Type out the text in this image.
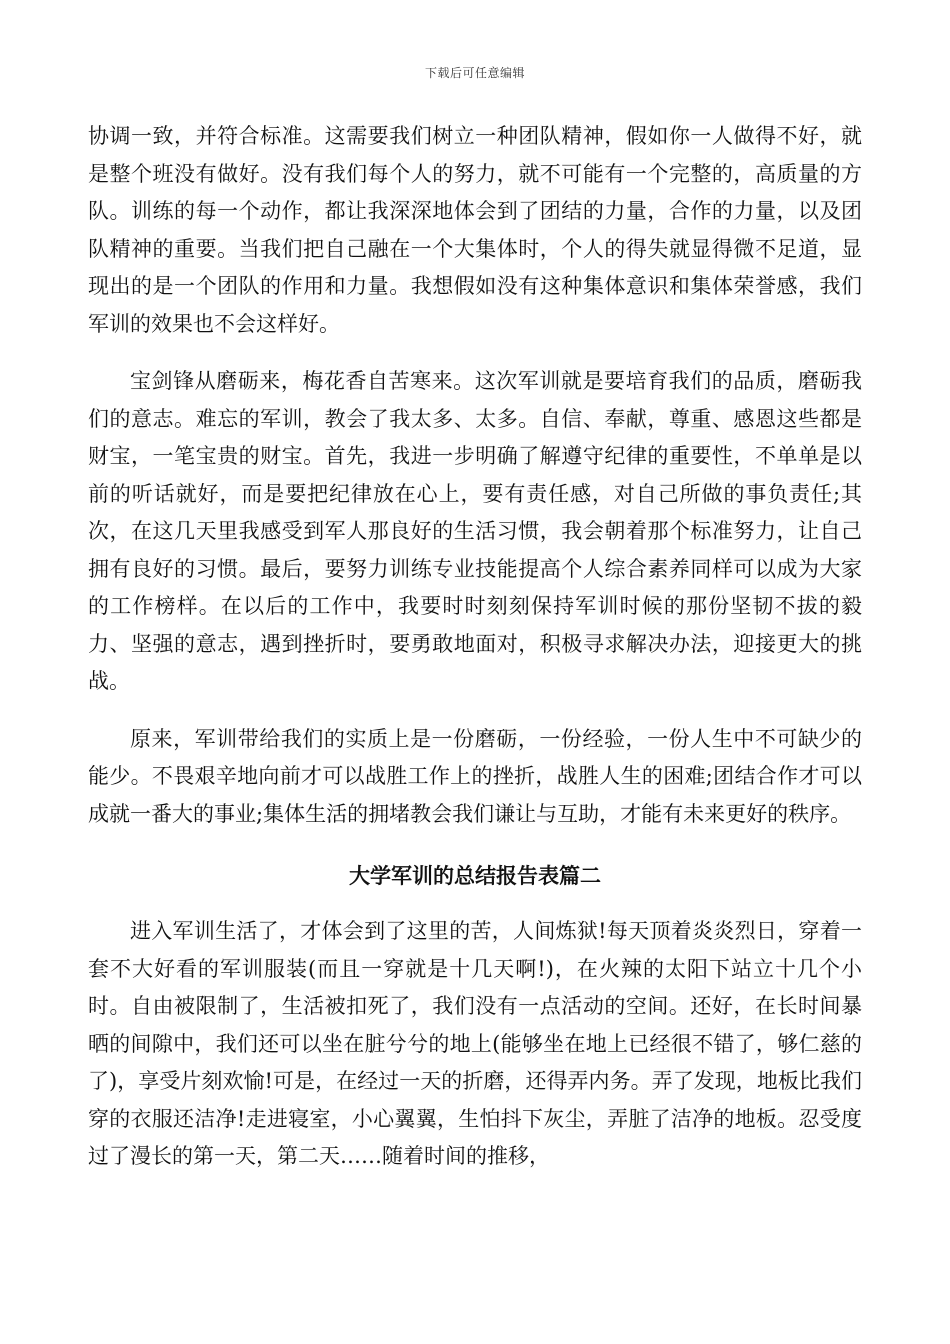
下载后可任意编辑

协调一致，并符合标准。这需要我们树立一种团队精神，假如你一人做得不好，就是整个班没有做好。没有我们每个人的努力，就不可能有一个完整的，高质量的方队。训练的每一个动作，都让我深深地体会到了团结的力量，合作的力量，以及团队精神的重要。当我们把自己融在一个大集体时，个人的得失就显得微不足道，显现出的是一个团队的作用和力量。我想假如没有这种集体意识和集体荣誉感，我们军训的效果也不会这样好。

宝剑锋从磨砺来，梅花香自苦寒来。这次军训就是要培育我们的品质，磨砺我们的意志。难忘的军训，教会了我太多、太多。自信、奉献，尊重、感恩这些都是财宝，一笔宝贵的财宝。首先，我进一步明确了解遵守纪律的重要性，不单单是以前的听话就好，而是要把纪律放在心上，要有责任感，对自己所做的事负责任;其次，在这几天里我感受到军人那良好的生活习惯，我会朝着那个标准努力，让自己拥有良好的习惯。最后，要努力训练专业技能提高个人综合素养同样可以成为大家的工作榜样。在以后的工作中，我要时时刻刻保持军训时候的那份坚韧不拔的毅力、坚强的意志，遇到挫折时，要勇敢地面对，积极寻求解决办法，迎接更大的挑战。

原来，军训带给我们的实质上是一份磨砺，一份经验，一份人生中不可缺少的能少。不畏艰辛地向前才可以战胜工作上的挫折，战胜人生的困难;团结合作才可以成就一番大的事业;集体生活的拥堵教会我们谦让与互助，才能有未来更好的秩序。

大学军训的总结报告表篇二

进入军训生活了，才体会到了这里的苦，人间炼狱!每天顶着炎炎烈日，穿着一套不大好看的军训服装(而且一穿就是十几天啊!)，在火辣的太阳下站立十几个小时。自由被限制了，生活被扣死了，我们没有一点活动的空间。还好，在长时间暴晒的间隙中，我们还可以坐在脏兮兮的地上(能够坐在地上已经很不错了，够仁慈的了)，享受片刻欢愉!可是，在经过一天的折磨，还得弄内务。弄了发现，地板比我们穿的衣服还洁净!走进寝室，小心翼翼，生怕抖下灰尘，弄脏了洁净的地板。忍受度过了漫长的第一天，第二天……随着时间的推移，
